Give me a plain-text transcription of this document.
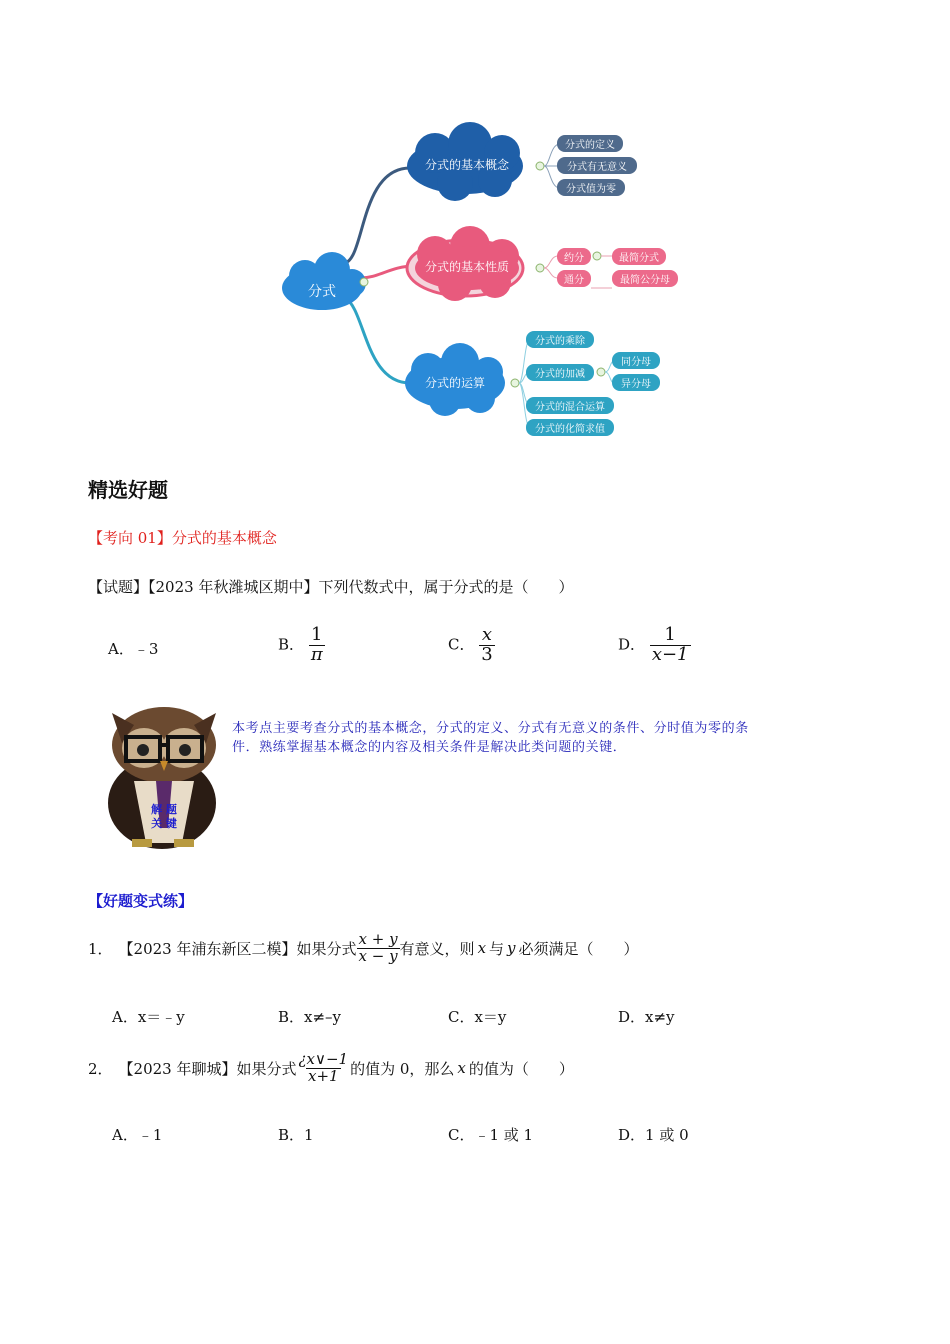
分式
分式的基本概念
分式的定义
分式有无意义
分式值为零
分式的基本性质
约分
通分
最简分式
最简公分母
分式的运算
分式的乘除
分式的加减
分式的混合运算
分式的化简求值
同分母
异分母
精选好题
【考向 01】分式的基本概念
【试题】【2023 年秋潍城区期中】下列代数式中，属于分式的是（　　）
A．﹣3	B． $\frac{1}{\pi}$	C． $\frac{x}{3}$	D． $\frac{1}{x-1}$
解 题
关 键
本考点主要考查分式的基本概念，分式的定义、分式有无意义的条件、分时值为零的条
件．熟练掌握基本概念的内容及相关条件是解决此类问题的关键．
【好题变式练】
1． 【2023 年浦东新区二模】如果分式 $\frac{x + y}{x - y}$ 有意义，则 x 与 y 必须满足（　　）
A．x＝﹣y	B．x≠–y	C．x＝y	D．x≠y
2． 【2023 年聊城】如果分式 $\frac{¿x\vee-1}{x+1}$ 的值为 0，那么 x 的值为（　　）
A．﹣1	B．1	C．﹣1 或 1	D．1 或 0
